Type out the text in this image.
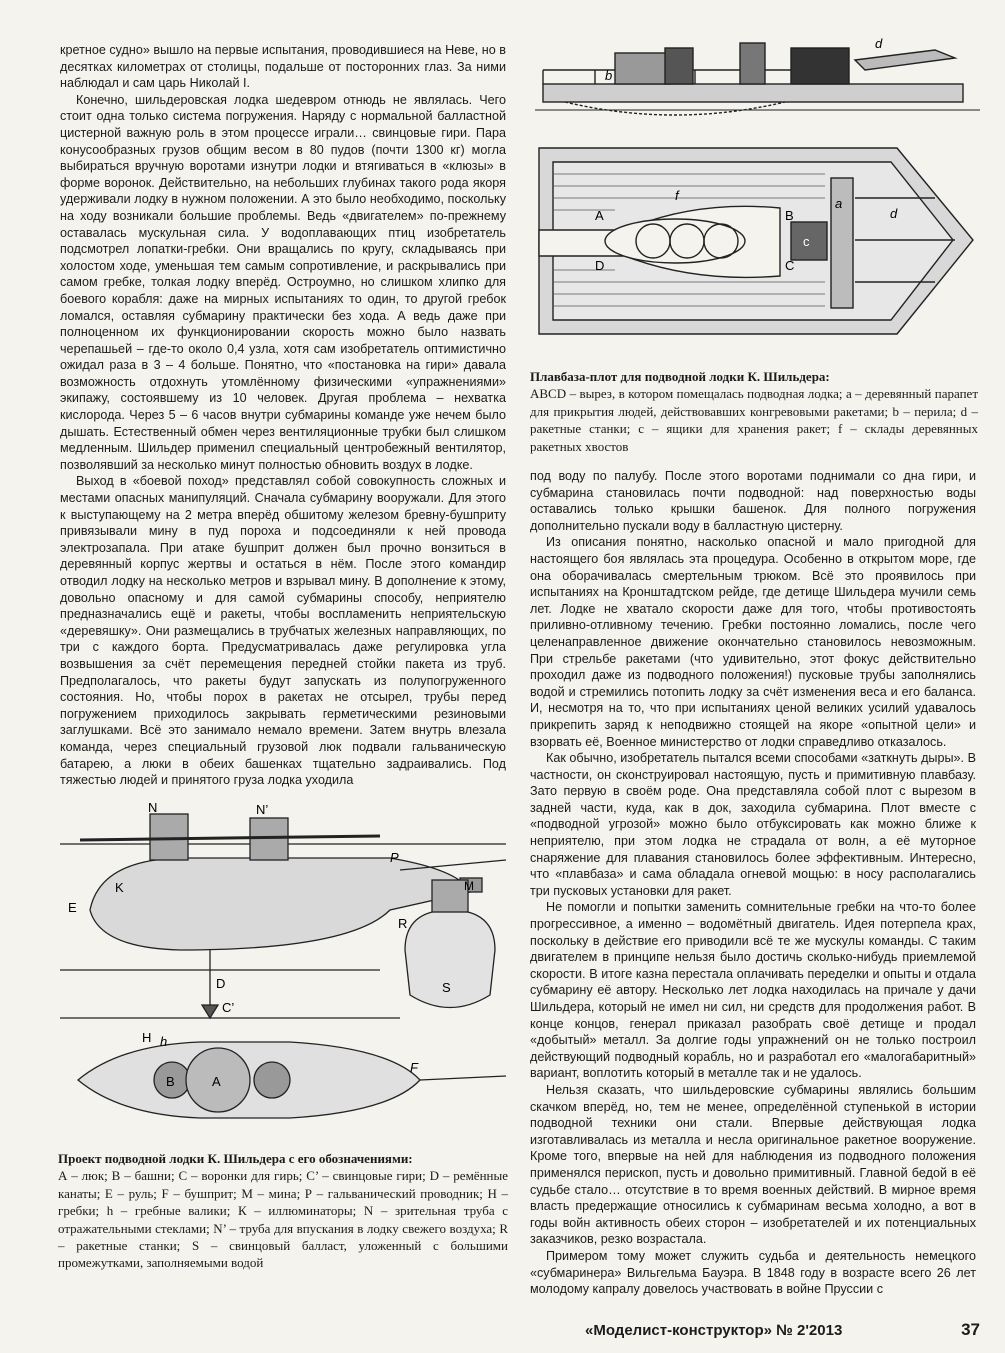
кретное судно» вышло на первые испытания, проводившиеся на Неве, но в десятках километрах от столицы, подальше от посторонних глаз. За ними наблюдал и сам царь Николай I.

Конечно, шильдеровская лодка шедевром отнюдь не являлась. Чего стоит одна только система погружения. Наряду с нормальной балластной цистерной важную роль в этом процессе играли… свинцовые гири. Пара конусообразных грузов общим весом в 80 пудов (почти 1300 кг) могла выбираться вручную воротами изнутри лодки и втягиваться в «клюзы» в форме воронок. Действительно, на небольших глубинах такого рода якоря удерживали лодку в нужном положении. А это было необходимо, поскольку на ходу возникали большие проблемы. Ведь «двигателем» по-прежнему оставалась мускульная сила. У водоплавающих птиц изобретатель подсмотрел лопатки-гребки. Они вращались по кругу, складываясь при холостом ходе, уменьшая тем самым сопротивление, и раскрывались при самом гребке, толкая лодку вперёд. Остроумно, но слишком хлипко для боевого корабля: даже на мирных испытаниях то один, то другой гребок ломался, оставляя субмарину практически без хода. А ведь даже при полноценном их функционировании скорость можно было назвать черепашьей – где-то около 0,4 узла, хотя сам изобретатель оптимистично ожидал раза в 3 – 4 больше. Понятно, что «постановка на гири» давала возможность отдохнуть утомлённому физическими «упражнениями» экипажу, состоявшему из 10 человек. Другая проблема – нехватка кислорода. Через 5 – 6 часов внутри субмарины команде уже нечем было дышать. Естественный обмен через вентиляционные трубки был слишком медленным. Шильдер применил специальный центробежный вентилятор, позволявший за несколько минут полностью обновить воздух в лодке.

Выход в «боевой поход» представлял собой совокупность сложных и местами опасных манипуляций. Сначала субмарину вооружали. Для этого к выступающему на 2 метра вперёд обшитому железом бревну-бушприту привязывали мину в пуд пороха и подсоединяли к ней провода электрозапала. При атаке бушприт должен был прочно вонзиться в деревянный корпус жертвы и остаться в нём. После этого командир отводил лодку на несколько метров и взрывал мину. В дополнение к этому, довольно опасному и для самой субмарины способу, неприятелю предназначались ещё и ракеты, чтобы воспламенить неприятельскую «деревяшку». Они размещались в трубчатых железных направляющих, по три с каждого борта. Предусматривалась даже регулировка угла возвышения за счёт перемещения передней стойки пакета из труб. Предполагалось, что ракеты будут запускать из полупогруженного состояния. Но, чтобы порох в ракетах не отсырел, трубы перед погружением приходилось закрывать герметическими резиновыми заглушками. Всё это занимало немало времени. Затем внутрь влезала команда, через специальный грузовой люк подвали гальваническую батарею, а люки в обеих башенках тщательно задраивались. Под тяжестью людей и принятого груза лодка уходила

под воду по палубу. После этого воротами поднимали со дна гири, и субмарина становилась почти подводной: над поверхностью воды оставались только крышки башенок. Для полного погружения дополнительно пускали воду в балластную цистерну.

Из описания понятно, насколько опасной и мало пригодной для настоящего боя являлась эта процедура. Особенно в открытом море, где она оборачивалась смертельным трюком. Всё это проявилось при испытаниях на Кронштадтском рейде, где детище Шильдера мучили семь лет. Лодке не хватало скорости даже для того, чтобы противостоять приливно-отливному течению. Гребки постоянно ломались, после чего целенаправленное движение окончательно становилось невозможным. При стрельбе ракетами (что удивительно, этот фокус действительно проходил даже из подводного положения!) пусковые трубы заполнялись водой и стремились потопить лодку за счёт изменения веса и его баланса. И, несмотря на то, что при испытаниях ценой великих усилий удавалось прикрепить заряд к неподвижно стоящей на якоре «опытной цели» и взорвать её, Военное министерство от лодки справедливо отказалось.

Как обычно, изобретатель пытался всеми способами «заткнуть дыры». В частности, он сконструировал настоящую, пусть и примитивную плавбазу. Зато первую в своём роде. Она представляла собой плот с вырезом в задней части, куда, как в док, заходила субмарина. Плот вместе с «подводной угрозой» можно было отбуксировать как можно ближе к неприятелю, при этом лодка не страдала от волн, а её муторное снаряжение для плавания становилось более эффективным. Интересно, что «плавбаза» и сама обладала огневой мощью: в носу располагались три пусковых установки для ракет.

Не помогли и попытки заменить сомнительные гребки на что-то более прогрессивное, а именно – водомётный двигатель. Идея потерпела крах, поскольку в действие его приводили всё те же мускулы команды. С таким двигателем в принципе нельзя было достичь сколько-нибудь приемлемой скорости. В итоге казна перестала оплачивать переделки и опыты и отдала субмарину её автору. Несколько лет лодка находилась на причале у дачи Шильдера, который не имел ни сил, ни средств для продолжения работ. В конце концов, генерал приказал разобрать своё детище и продал «добытый» металл. За долгие годы упражнений он не только построил действующий подводный корабль, но и разработал его «малогабаритный» вариант, воплотить который в металле так и не удалось.

Нельзя сказать, что шильдеровские субмарины являлись большим скачком вперёд, но, тем не менее, определённой ступенькой в истории подводной техники они стали. Впервые действующая лодка изготавливалась из металла и несла оригинальное ракетное вооружение. Кроме того, впервые на ней для наблюдения из подводного положения применялся перископ, пусть и довольно примитивный. Главной бедой в её судьбе стало… отсутствие в то время военных действий. В мирное время власть предержащие относились к субмаринам весьма холодно, а вот в годы войн активность обеих сторон – изобретателей и их потенциальных заказчиков, резко возрастала.

Примером тому может служить судьба и деятельность немецкого «субмаринера» Вильгельма Бауэра. В 1848 году в возрасте всего 26 лет молодому капралу довелось участвовать в войне Пруссии с

b
d
f
a
A	B
C
D
c
d
Плавбаза-плот для подводной лодки К. Шильдера:
ABCD – вырез, в котором помещалась подводная лодка; a – деревянный парапет для прикрытия людей, действовавших конгревовыми ракетами; b – перила; d – ракетные станки; c – ящики для хранения ракет; f – склады деревянных ракетных хвостов
N	N’
P
K	M
E
D
C’
H h
A
B
F
R
S
Проект подводной лодки К. Шильдера с его обозначениями:
А – люк; В – башни; С – воронки для гирь; С’ – свинцовые гири; D – ремённые канаты; Е – руль; F – бушприт; М – мина; Р – гальванический проводник; Н – гребки; h – гребные валики; К – иллюминаторы; N – зрительная труба с отражательными стеклами; N’ – труба для впускания в лодку свежего воздуха; R – ракетные станки; S – свинцовый балласт, уложенный с большими промежутками, заполняемыми водой
«Моделист-конструктор» № 2'2013	37
